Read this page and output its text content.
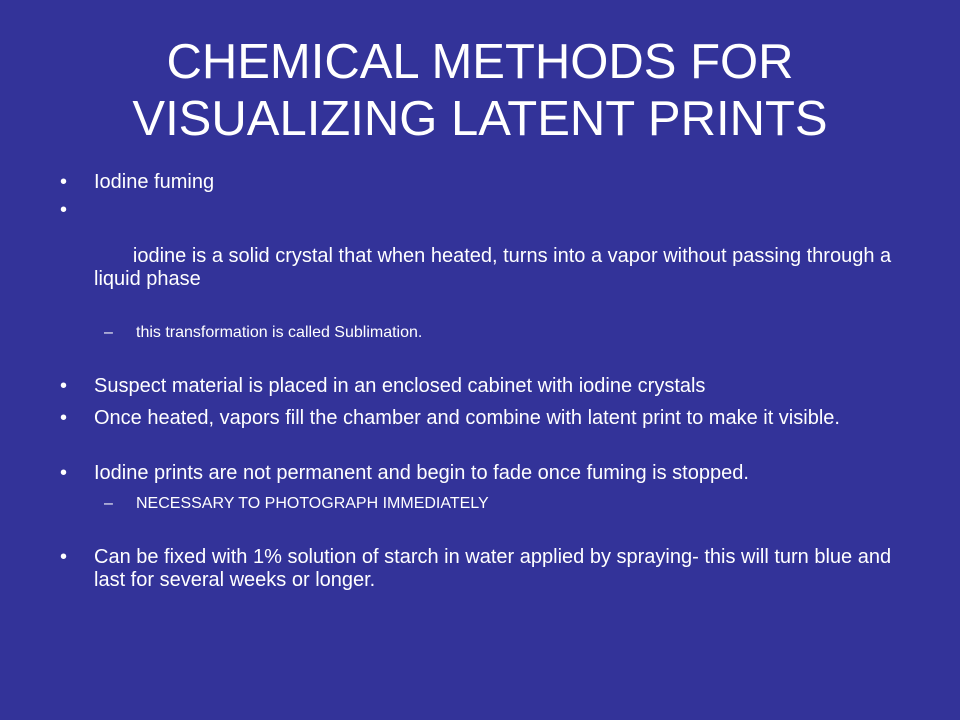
CHEMICAL METHODS FOR
VISUALIZING LATENT PRINTS

• Iodine fuming

•

iodine is a solid crystal that when heated, turns into a vapor without passing through a liquid phase

– this transformation is called Sublimation.

• Suspect material is placed in an enclosed cabinet with iodine crystals

• Once heated, vapors fill the chamber and combine with latent print to make it visible.

• Iodine prints are not permanent and begin to fade once fuming is stopped.

– NECESSARY TO PHOTOGRAPH IMMEDIATELY

• Can be fixed with 1% solution of starch in water applied by spraying- this will turn blue and last for several weeks or longer.
